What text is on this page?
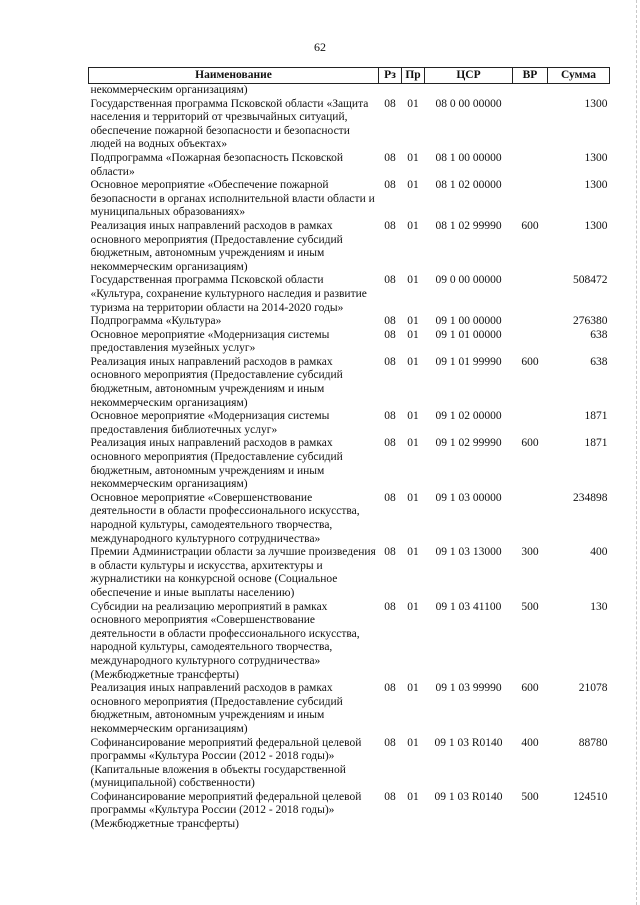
62
Наименование	Рз	Пр	ЦСР	ВР	Сумма
некоммерческим организациям)					
Государственная программа Псковской области «Защита населения и территорий от чрезвычайных ситуаций, обеспечение пожарной безопасности и безопасности людей на водных объектах»	08	01	08 0 00 00000		1300
Подпрограмма «Пожарная безопасность Псковской области»	08	01	08 1 00 00000		1300
Основное мероприятие «Обеспечение пожарной безопасности в органах исполнительной власти области и муниципальных образованиях»	08	01	08 1 02 00000		1300
Реализация иных направлений расходов в рамках основного мероприятия (Предоставление субсидий бюджетным, автономным учреждениям и иным некоммерческим организациям)	08	01	08 1 02 99990	600	1300
Государственная программа Псковской области «Культура, сохранение культурного наследия и развитие туризма на территории области на 2014-2020 годы»	08	01	09 0 00 00000		508472
Подпрограмма «Культура»	08	01	09 1 00 00000		276380
Основное мероприятие «Модернизация системы предоставления музейных услуг»	08	01	09 1 01 00000		638
Реализация иных направлений расходов в рамках основного мероприятия (Предоставление субсидий бюджетным, автономным учреждениям и иным некоммерческим организациям)	08	01	09 1 01 99990	600	638
Основное мероприятие «Модернизация системы предоставления библиотечных услуг»	08	01	09 1 02 00000		1871
Реализация иных направлений расходов в рамках основного мероприятия (Предоставление субсидий бюджетным, автономным учреждениям и иным некоммерческим организациям)	08	01	09 1 02 99990	600	1871
Основное мероприятие «Совершенствование деятельности в области профессионального искусства, народной культуры, самодеятельного творчества, международного культурного сотрудничества»	08	01	09 1 03 00000		234898
Премии Администрации области за лучшие произведения в области культуры и искусства, архитектуры и журналистики на конкурсной основе (Социальное обеспечение и иные выплаты населению)	08	01	09 1 03 13000	300	400
Субсидии на реализацию мероприятий в рамках основного мероприятия «Совершенствование деятельности в области профессионального искусства, народной культуры, самодеятельного творчества, международного культурного сотрудничества» (Межбюджетные трансферты)	08	01	09 1 03 41100	500	130
Реализация иных направлений расходов в рамках основного мероприятия (Предоставление субсидий бюджетным, автономным учреждениям и иным некоммерческим организациям)	08	01	09 1 03 99990	600	21078
Софинансирование мероприятий федеральной целевой программы «Культура России (2012 - 2018 годы)» (Капитальные вложения в объекты государственной (муниципальной) собственности)	08	01	09 1 03 R0140	400	88780
Софинансирование мероприятий федеральной целевой программы «Культура России (2012 - 2018 годы)» (Межбюджетные трансферты)	08	01	09 1 03 R0140	500	124510
